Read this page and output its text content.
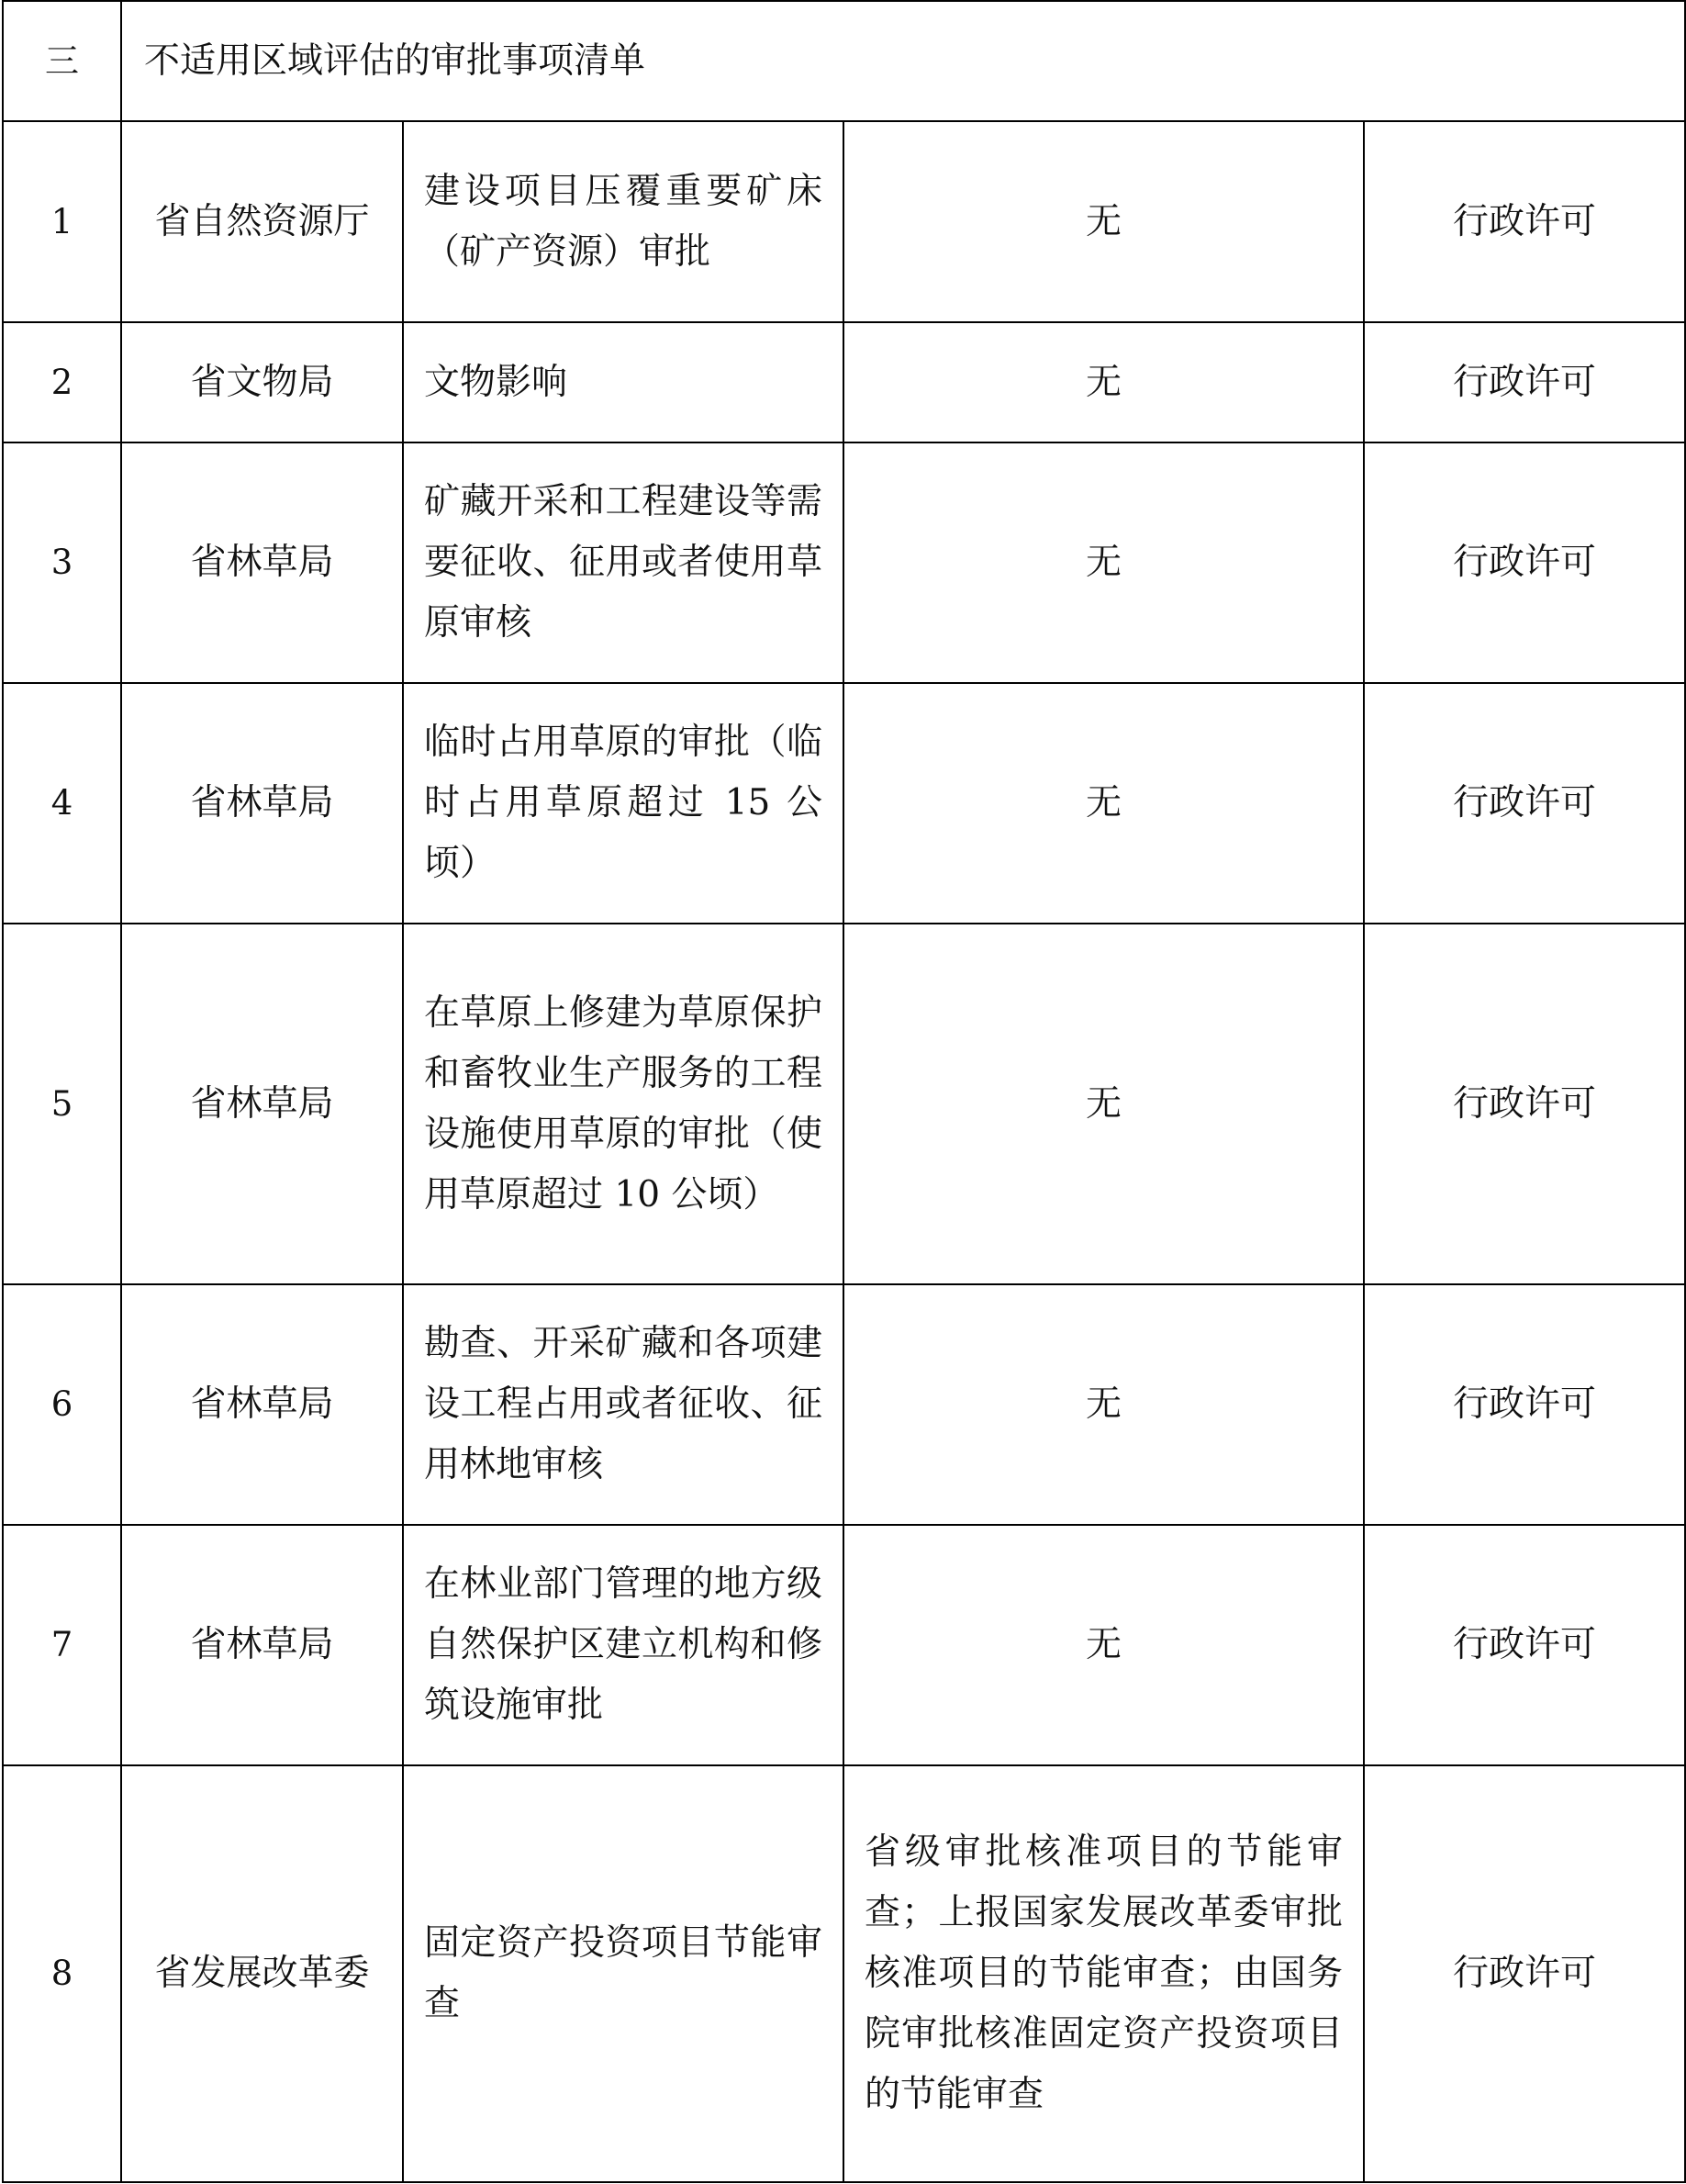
三	不适用区域评估的审批事项清单			
1	省自然资源厅	建设项目压覆重要矿床（矿产资源）审批	无	行政许可
2	省文物局	文物影响	无	行政许可
3	省林草局	矿藏开采和工程建设等需要征收、征用或者使用草原审核	无	行政许可
4	省林草局	临时占用草原的审批（临时占用草原超过 15 公顷）	无	行政许可
5	省林草局	在草原上修建为草原保护和畜牧业生产服务的工程设施使用草原的审批（使用草原超过 10 公顷）	无	行政许可
6	省林草局	勘查、开采矿藏和各项建设工程占用或者征收、征用林地审核	无	行政许可
7	省林草局	在林业部门管理的地方级自然保护区建立机构和修筑设施审批	无	行政许可
8	省发展改革委	固定资产投资项目节能审查	省级审批核准项目的节能审查；上报国家发展改革委审批核准项目的节能审查；由国务院审批核准固定资产投资项目的节能审查	行政许可
